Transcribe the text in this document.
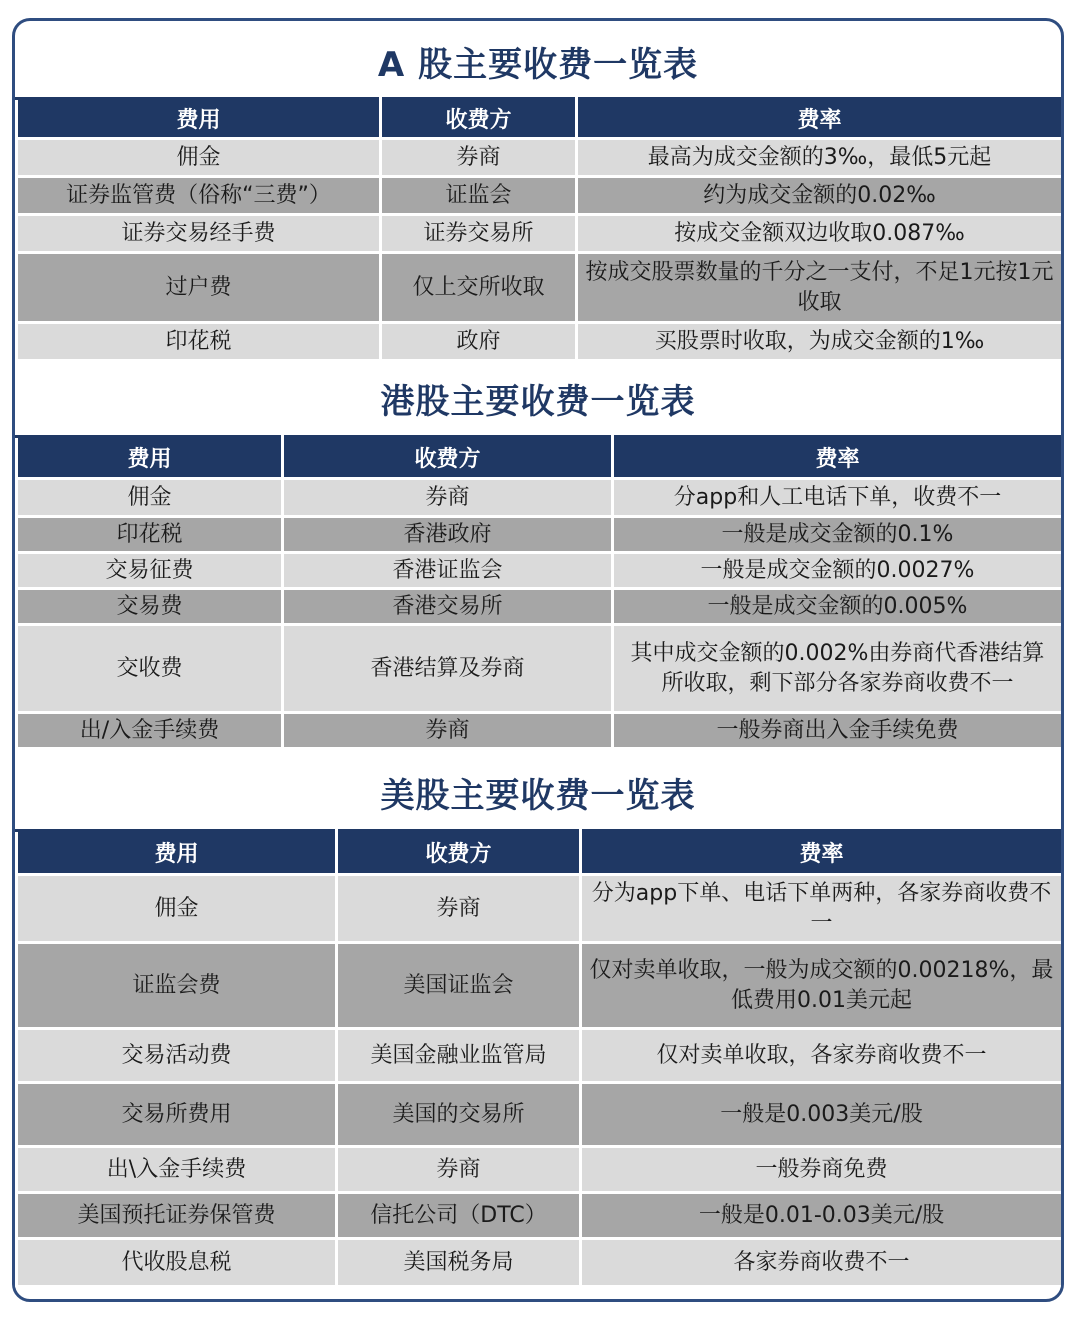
A 股主要收费一览表
费用	收费方	费率
佣金	券商	最高为成交金额的3‰，最低5元起
证券监管费（俗称“三费”）	证监会	约为成交金额的0.02‰
证券交易经手费	证券交易所	按成交金额双边收取0.087‰
过户费	仅上交所收取	按成交股票数量的千分之一支付，不足1元按1元收取
印花税	政府	买股票时收取，为成交金额的1‰
港股主要收费一览表
费用	收费方	费率
佣金	券商	分app和人工电话下单，收费不一
印花税	香港政府	一般是成交金额的0.1%
交易征费	香港证监会	一般是成交金额的0.0027%
交易费	香港交易所	一般是成交金额的0.005%
交收费	香港结算及券商	其中成交金额的0.002%由券商代香港结算所收取，剩下部分各家券商收费不一
出/入金手续费	券商	一般券商出入金手续免费
美股主要收费一览表
费用	收费方	费率
佣金	券商	分为app下单、电话下单两种，各家券商收费不一
证监会费	美国证监会	仅对卖单收取，一般为成交额的0.00218%，最低费用0.01美元起
交易活动费	美国金融业监管局	仅对卖单收取，各家券商收费不一
交易所费用	美国的交易所	一般是0.003美元/股
出\入金手续费	券商	一般券商免费
美国预托证券保管费	信托公司（DTC）	一般是0.01-0.03美元/股
代收股息税	美国税务局	各家券商收费不一
